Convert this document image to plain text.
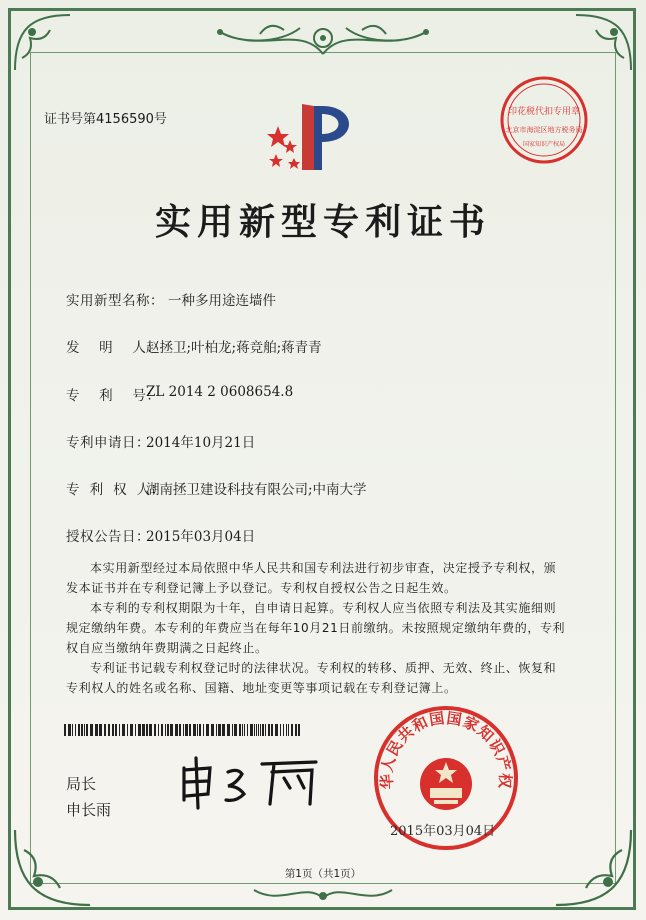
印花税代扣专用章
北京市海淀区地方税务局
国家知识产权局
证书号第4156590号
实用新型专利证书
实用新型名称： 一种多用途连墙件
发    明    人：
赵拯卫;叶柏龙;蒋竞舶;蒋青青
专    利    号：
ZL 2014 2 0608654.8
专利申请日：
2014年10月21日
专  利  权  人：
湖南拯卫建设科技有限公司;中南大学
授权公告日：
2015年03月04日

本实用新型经过本局依照中华人民共和国专利法进行初步审查，决定授予专利权，颁发本证书并在专利登记簿上予以登记。专利权自授权公告之日起生效。

本专利的专利权期限为十年，自申请日起算。专利权人应当依照专利法及其实施细则规定缴纳年费。本专利的年费应当在每年10月21日前缴纳。未按照规定缴纳年费的，专利权自应当缴纳年费期满之日起终止。

专利证书记载专利权登记时的法律状况。专利权的转移、质押、无效、终止、恢复和专利权人的姓名或名称、国籍、地址变更等事项记载在专利登记簿上。

局长
申长雨
华人民共和国国家知识产权
2015年03月04日
第1页（共1页）
